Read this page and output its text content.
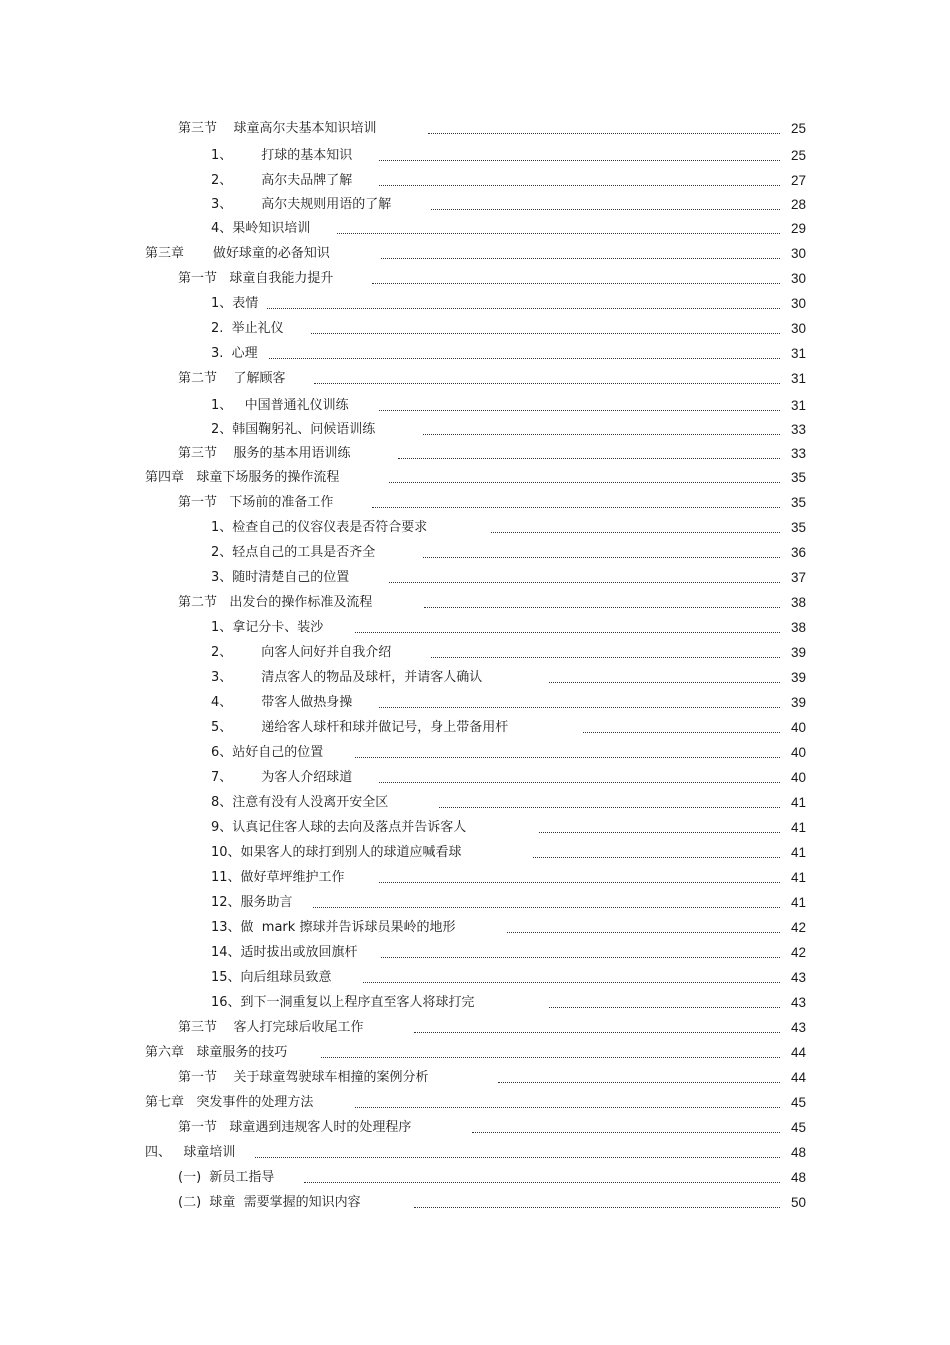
第三节    球童高尔夫基本知识培训	25
1、       打球的基本知识	25
2、       高尔夫品牌了解	27
3、       高尔夫规则用语的了解	28
4、果岭知识培训	29
第三章       做好球童的必备知识	30
第一节   球童自我能力提升	30
1、表情	30
2.  举止礼仪	30
3.  心理	31
第二节    了解顾客	31
1、   中国普通礼仪训练	31
2、韩国鞠躬礼、问候语训练	33
第三节    服务的基本用语训练	33
第四章   球童下场服务的操作流程	35
第一节   下场前的准备工作	35
1、检查自己的仪容仪表是否符合要求	35
2、轻点自己的工具是否齐全	36
3、随时清楚自己的位置	37
第二节   出发台的操作标准及流程	38
1、拿记分卡、装沙	38
2、       向客人问好并自我介绍	39
3、       清点客人的物品及球杆，并请客人确认	39
4、       带客人做热身操	39
5、       递给客人球杆和球并做记号，身上带备用杆	40
6、站好自己的位置	40
7、       为客人介绍球道	40
8、注意有没有人没离开安全区	41
9、认真记住客人球的去向及落点并告诉客人	41
10、如果客人的球打到别人的球道应喊看球	41
11、做好草坪维护工作	41
12、服务助言	41
13、做  mark 擦球并告诉球员果岭的地形	42
14、适时拔出或放回旗杆	42
15、向后组球员致意	43
16、到下一洞重复以上程序直至客人将球打完	43
第三节    客人打完球后收尾工作	43
第六章   球童服务的技巧	44
第一节    关于球童驾驶球车相撞的案例分析	44
第七章   突发事件的处理方法	45
第一节   球童遇到违规客人时的处理程序	45
四、   球童培训	48
(一)  新员工指导	48
(二)  球童  需要掌握的知识内容	50
